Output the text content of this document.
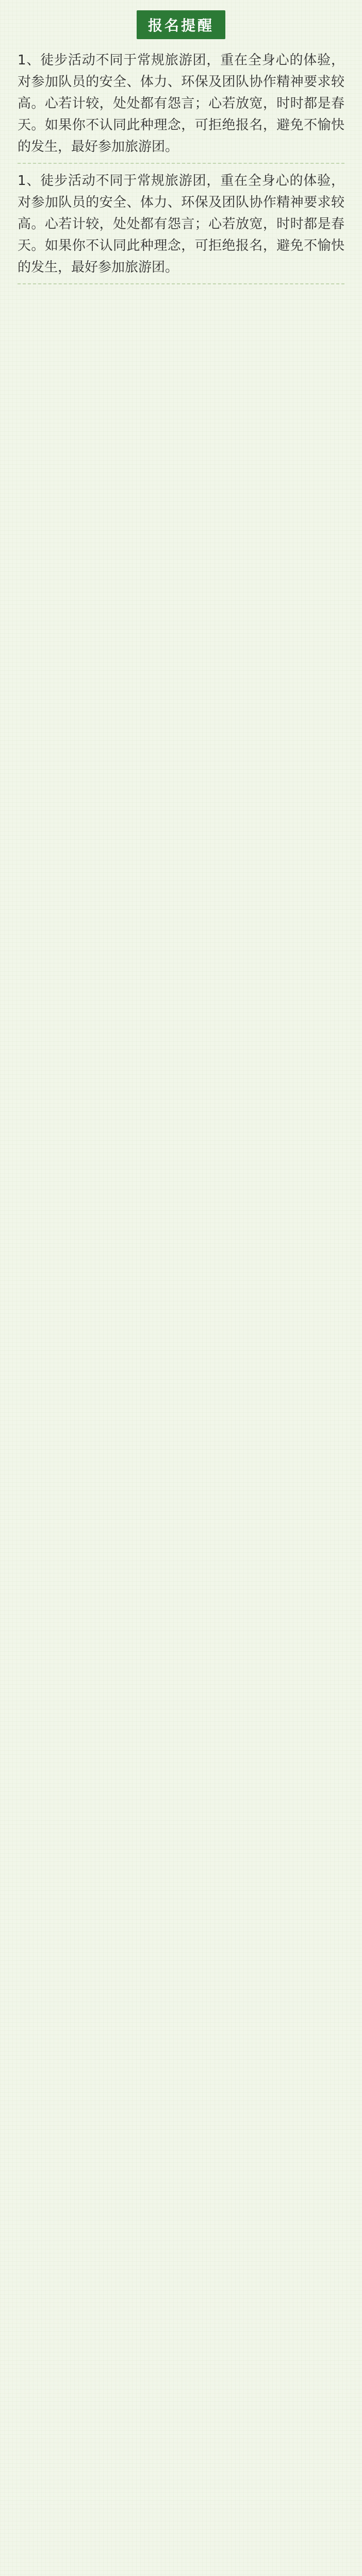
报名提醒
1、徒步活动不同于常规旅游团，重在全身心的体验，对参加队员的安全、体力、环保及团队协作精神要求较高。心若计较，处处都有怨言；心若放宽，时时都是春天。如果你不认同此种理念，可拒绝报名，避免不愉快的发生，最好参加旅游团。
1、徒步活动不同于常规旅游团，重在全身心的体验，对参加队员的安全、体力、环保及团队协作精神要求较高。心若计较，处处都有怨言；心若放宽，时时都是春天。如果你不认同此种理念，可拒绝报名，避免不愉快的发生，最好参加旅游团。
